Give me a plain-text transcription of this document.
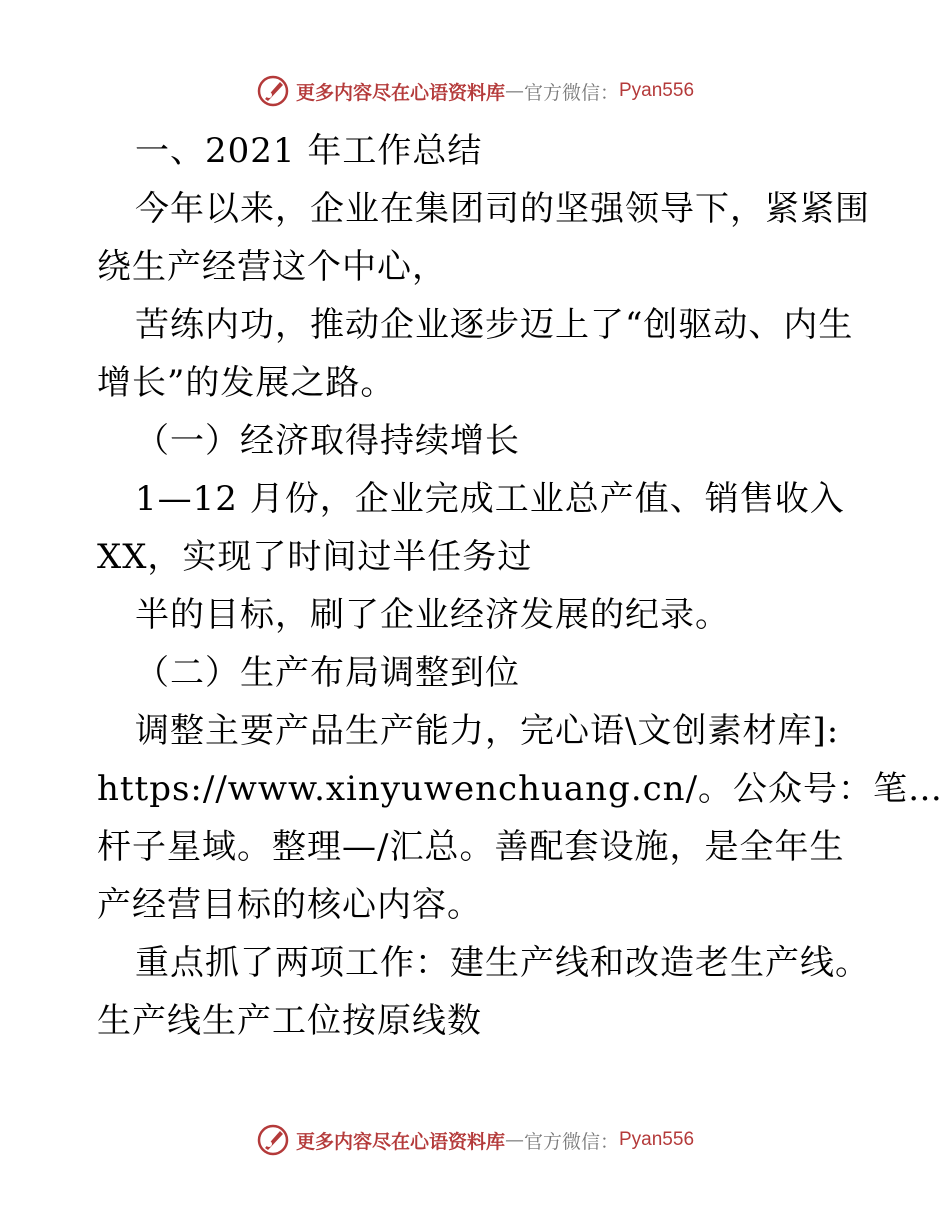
更多内容尽在心语资料库 — 官方微信： Pyan556
一、2021 年工作总结
今年以来，企业在集团司的坚强领导下，紧紧围
绕生产经营这个中心，
苦练内功，推动企业逐步迈上了“创驱动、内生
增长”的发展之路。
（一）经济取得持续增长
1—12 月份，企业完成工业总产值、销售收入
XX，实现了时间过半任务过
半的目标，刷了企业经济发展的纪录。
（二）生产布局调整到位
调整主要产品生产能力，完心语\文创素材库]:
https://www.xinyuwenchuang.cn/。公众号：笔…
杆子星域。整理—/汇总。善配套设施，是全年生
产经营目标的核心内容。
重点抓了两项工作：建生产线和改造老生产线。
生产线生产工位按原线数
更多内容尽在心语资料库 — 官方微信： Pyan556
